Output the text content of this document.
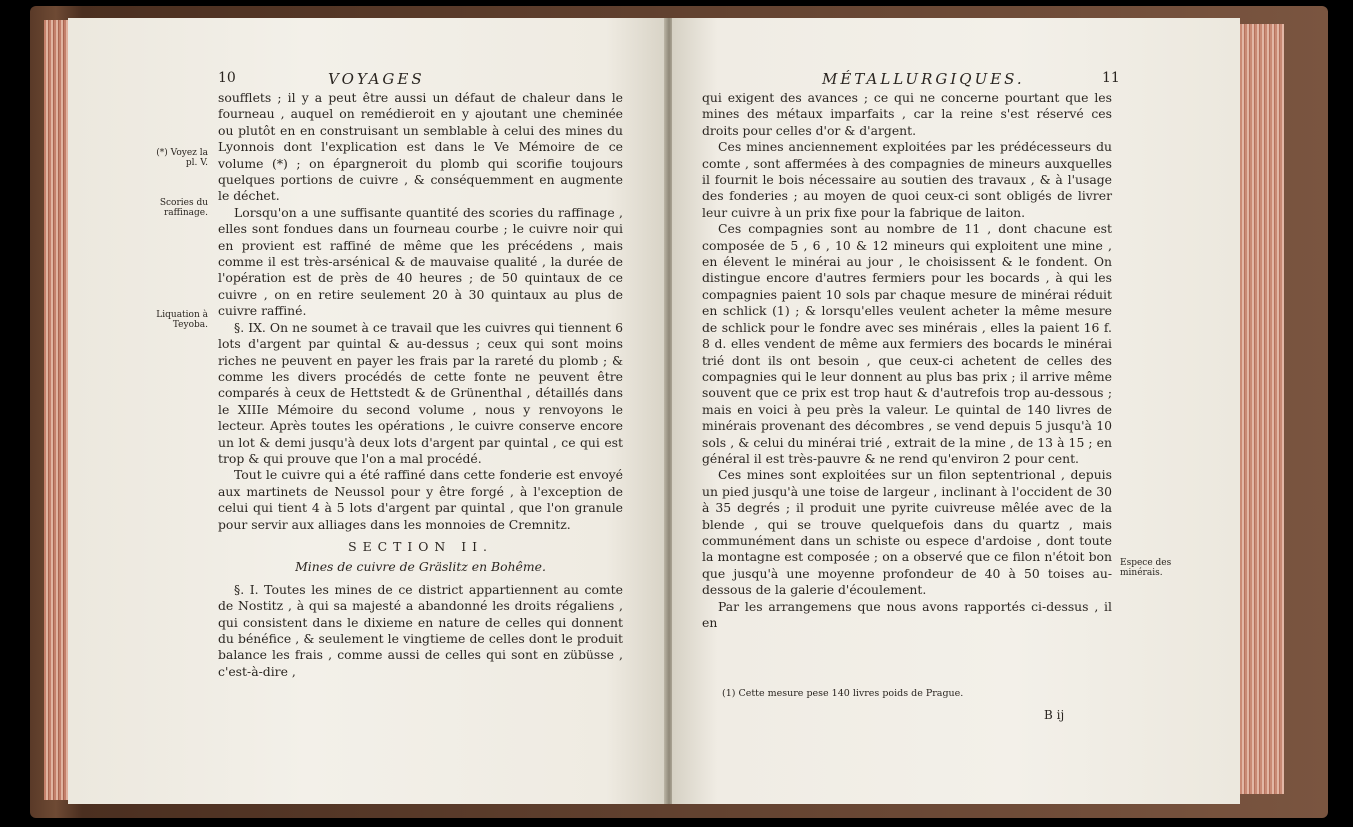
10	VOYAGES
(*) Voyez la pl. V.
Scories du raffinage.
Liquation à Teyoba.

soufflets ; il y a peut être aussi un défaut de chaleur dans le fourneau , auquel on remédieroit en y ajoutant une cheminée ou plutôt en en construisant un semblable à celui des mines du Lyonnois dont l'explication est dans le Ve Mémoire de ce volume (*) ; on épargneroit du plomb qui scorifie toujours quelques portions de cuivre , & conséquemment en augmente le déchet.

Lorsqu'on a une suffisante quantité des scories du raffinage , elles sont fondues dans un fourneau courbe ; le cuivre noir qui en provient est raffiné de même que les précédens , mais comme il est très-arsénical & de mauvaise qualité , la durée de l'opération est de près de 40 heures ; de 50 quintaux de ce cuivre , on en retire seulement 20 à 30 quintaux au plus de cuivre raffiné.

§. IX. On ne soumet à ce travail que les cuivres qui tiennent 6 lots d'argent par quintal & au-dessus ; ceux qui sont moins riches ne peuvent en payer les frais par la rareté du plomb ; & comme les divers procédés de cette fonte ne peuvent être comparés à ceux de Hettstedt & de Grünenthal , détaillés dans le XIIIe Mémoire du second volume , nous y renvoyons le lecteur. Après toutes les opérations , le cuivre conserve encore un lot & demi jusqu'à deux lots d'argent par quintal , ce qui est trop & qui prouve que l'on a mal procédé.

Tout le cuivre qui a été raffiné dans cette fonderie est envoyé aux martinets de Neussol pour y être forgé , à l'exception de celui qui tient 4 à 5 lots d'argent par quintal , que l'on granule pour servir aux alliages dans les monnoies de Cremnitz.

SECTION II.

Mines de cuivre de Gräslitz en Bohême.

§. I. Toutes les mines de ce district appartiennent au comte de Nostitz , à qui sa majesté a abandonné les droits régaliens , qui consistent dans le dixieme en nature de celles qui donnent du bénéfice , & seulement le vingtieme de celles dont le produit balance les frais , comme aussi de celles qui sont en zübüsse , c'est-à-dire ,

MÉTALLURGIQUES.	11

qui exigent des avances ; ce qui ne concerne pourtant que les mines des métaux imparfaits , car la reine s'est réservé ces droits pour celles d'or & d'argent.

Ces mines anciennement exploitées par les prédécesseurs du comte , sont affermées à des compagnies de mineurs auxquelles il fournit le bois nécessaire au soutien des travaux , & à l'usage des fonderies ; au moyen de quoi ceux-ci sont obligés de livrer leur cuivre à un prix fixe pour la fabrique de laiton.

Ces compagnies sont au nombre de 11 , dont chacune est composée de 5 , 6 , 10 & 12 mineurs qui exploitent une mine , en élevent le minérai au jour , le choisissent & le fondent. On distingue encore d'autres fermiers pour les bocards , à qui les compagnies paient 10 sols par chaque mesure de minérai réduit en schlick (1) ; & lorsqu'elles veulent acheter la même mesure de schlick pour le fondre avec ses minérais , elles la paient 16 f. 8 d. elles vendent de même aux fermiers des bocards le minérai trié dont ils ont besoin , que ceux-ci achetent de celles des compagnies qui le leur donnent au plus bas prix ; il arrive même souvent que ce prix est trop haut & d'autrefois trop au-dessous ; mais en voici à peu près la valeur. Le quintal de 140 livres de minérais provenant des décombres , se vend depuis 5 jusqu'à 10 sols , & celui du minérai trié , extrait de la mine , de 13 à 15 ; en général il est très-pauvre & ne rend qu'environ 2 pour cent.

Ces mines sont exploitées sur un filon septentrional , depuis un pied jusqu'à une toise de largeur , inclinant à l'occident de 30 à 35 degrés ; il produit une pyrite cuivreuse mêlée avec de la blende , qui se trouve quelquefois dans du quartz , mais communément dans un schiste ou espece d'ardoise , dont toute la montagne est composée ; on a observé que ce filon n'étoit bon que jusqu'à une moyenne profondeur de 40 à 50 toises au-dessous de la galerie d'écoulement.

Par les arrangemens que nous avons rapportés ci-dessus , il en

Espece des minérais.
(1) Cette mesure pese 140 livres poids de Prague.
B ij
